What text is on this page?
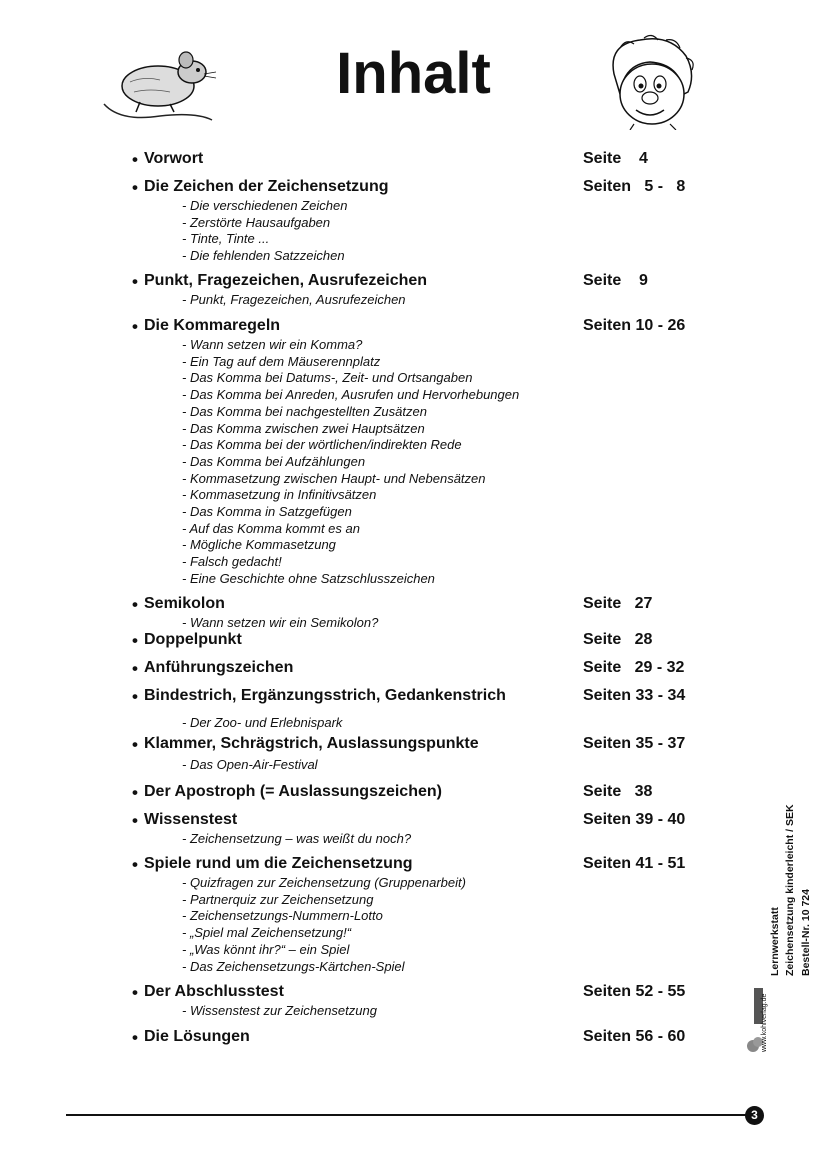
Inhalt
• Vorwort	Seite    4
• Die Zeichen der Zeichensetzung	Seiten   5 -   8
- Die verschiedenen Zeichen
- Zerstörte Hausaufgaben
- Tinte, Tinte ...
- Die fehlenden Satzzeichen
• Punkt, Fragezeichen, Ausrufezeichen	Seite    9
- Punkt, Fragezeichen, Ausrufezeichen
• Die Kommaregeln	Seiten 10 - 26
- Wann setzen wir ein Komma?
- Ein Tag auf dem Mäuserennplatz
- Das Komma bei Datums-, Zeit- und Ortsangaben
- Das Komma bei Anreden, Ausrufen und Hervorhebungen
- Das Komma bei nachgestellten Zusätzen
- Das Komma zwischen zwei Hauptsätzen
- Das Komma bei der wörtlichen/indirekten Rede
- Das Komma bei Aufzählungen
- Kommasetzung zwischen Haupt- und Nebensätzen
- Kommasetzung in Infinitivsätzen
- Das Komma in Satzgefügen
- Auf das Komma kommt es an
- Mögliche Kommasetzung
- Falsch gedacht!
- Eine Geschichte ohne Satzschlusszeichen
• Semikolon	Seite   27
- Wann setzen wir ein Semikolon?
• Doppelpunkt	Seite   28
• Anführungszeichen	Seite   29 - 32
• Bindestrich, Ergänzungsstrich, Gedankenstrich	Seiten 33 - 34
- Der Zoo- und Erlebnispark
• Klammer, Schrägstrich, Auslassungspunkte	Seiten 35 - 37
- Das Open-Air-Festival
• Der Apostroph (= Auslassungszeichen)	Seite   38
• Wissenstest	Seiten 39 - 40
- Zeichensetzung – was weißt du noch?
• Spiele rund um die Zeichensetzung	Seiten 41 - 51
- Quizfragen zur Zeichensetzung (Gruppenarbeit)
- Partnerquiz zur Zeichensetzung
- Zeichensetzungs-Nummern-Lotto
- „Spiel mal Zeichensetzung!“
- „Was könnt ihr?“ – ein Spiel
- Das Zeichensetzungs-Kärtchen-Spiel
• Der Abschlusstest	Seiten 52 - 55
- Wissenstest zur Zeichensetzung
• Die Lösungen	Seiten 56 - 60
Lernwerkstatt Zeichensetzung kinderleicht / SEK Bestell-Nr. 10 724
www.kohlverlag.de
3
